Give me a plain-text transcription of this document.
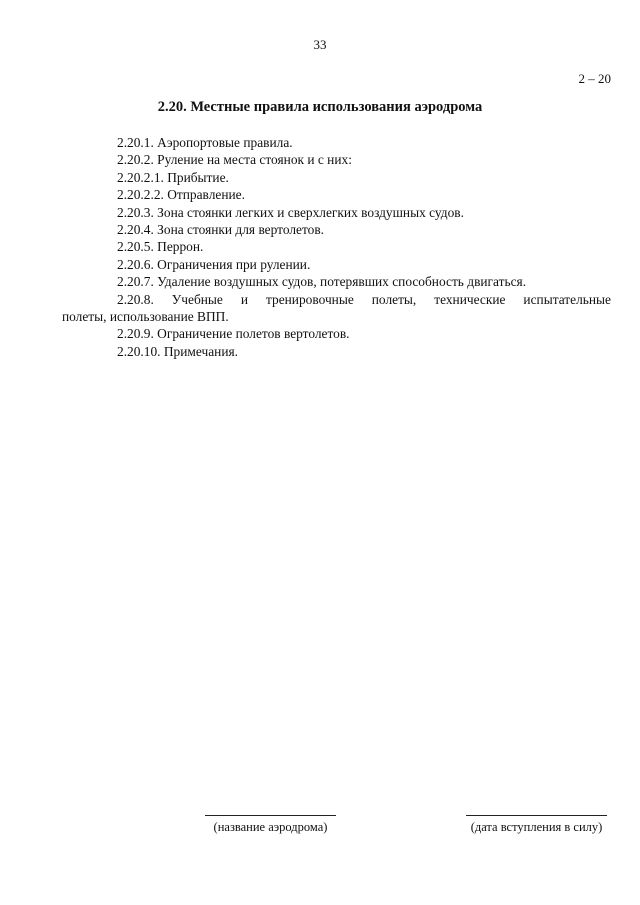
33
2 – 20
2.20. Местные правила использования аэродрома
2.20.1. Аэропортовые правила.
2.20.2. Руление на места стоянок и с них:
2.20.2.1. Прибытие.
2.20.2.2. Отправление.
2.20.3. Зона стоянки легких и сверхлегких воздушных судов.
2.20.4. Зона стоянки для вертолетов.
2.20.5. Перрон.
2.20.6. Ограничения при рулении.
2.20.7. Удаление воздушных судов, потерявших способность двигаться.
2.20.8. Учебные и тренировочные полеты, технические испытательные
полеты, использование ВПП.
2.20.9. Ограничение полетов вертолетов.
2.20.10. Примечания.
(название аэродрома)	(дата вступления в силу)
